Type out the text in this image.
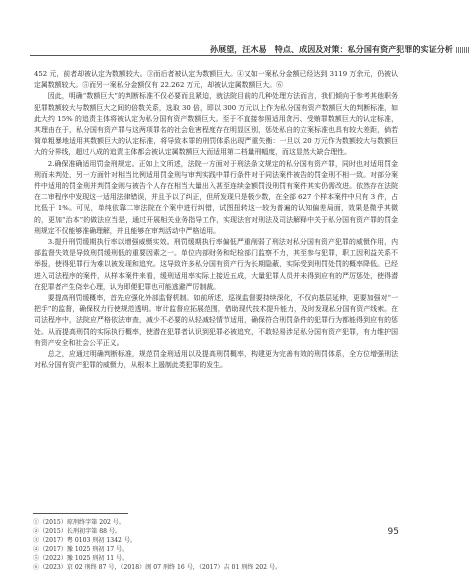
孙展望，汪木易　特点、成因及对策：私分国有资产犯罪的实证分析

452 元，前者却被认定为数额较大。③而后者被认定为数额巨大。④又如一案私分金额已经达到 3119 万余元，仍被认定属数额较大。⑤而另一案私分金额仅有 22.262 万元，却被认定属数额巨大。⑥

因此，明确“数额巨大”的判断标准不仅必要而且紧迫，就法院目前的几种处理方法而言，我们倾向于参考其他职务犯罪数额较大与数额巨大之间的倍数关系，选取 30 倍，即以 300 万元以上作为私分国有资产数额巨大的判断标准，如此大约 15% 的追责主体将被认定为私分国有资产数额巨大。至于不直接参照适用贪污、受贿罪数额巨大的认定标准，其理由在于，私分国有资产罪与这两项罪名的社会危害程度存在明显区别，惩处私自的立案标准也具有较大差距，倘若简单粗暴地适用其数额巨大的认定标准，将导致本罪的刑罚体系出现严重失衡：一旦以 20 万元作为数额较大与数额巨大的分界线，超过八成的追责主体都会被认定属数额巨大而适用第二档量刑幅度，而这显然大缺合理性。

2.确保准确适用罚金刑规定。正如上文所述，法院一方面对于刑法条文规定的私分国有资产罪，同时也对适用罚金刑而未判处，另一方面针对相当比例适用罚金刑与审判实践中罪行条件对于同法案件被告的罚金刑不相一致。对部分案件中适用的罚金刑并判罚金则与被告个人存在相当大量出入甚至连续金额罚没刑罚有案件其实仍需改进。依然存在法院在二审程序中发现这一适用法律错误，并且予以了纠正，但所发现只是极少数，在全部 627 个样本案件中只有 3 件，占比低于 1%。可见，单纯依靠二审法院在个案中进行纠错，试图扭转这一较为普遍的认知偏差局面，效果是微乎其微的，更加“治本”的做法应当是，通过开展相关业务指导工作，实现法官对刑法及司法解释中关于私分国有资产罪的罚金刑规定不仅能够准确理解，并且能够在审判活动中严格适用。

3.提升刑罚缓期执行率以增强威慑实效。刑罚缓期执行率偏低严重削弱了刑法对私分国有资产犯罪的威慑作用，内部监督失效是导致刑罚缓刑低的重要因素之一。单位内部财务和纪检部门监察不力，其至参与犯罪，职工因利益关系不举报，使得犯罪行为难以被发现和追究。这导致许多私分国有资产行为长期隐蔽，实际受到刑罚处罚的概率降低。已经进入司法程序的案件，从样本案件来看，缓刑适用率实际上接近五成，大量犯罪人员并未得到应有的严厉惩处，使得潜在犯罪者产生侥幸心理，认为即便犯罪也可能逃避严厉制裁。

要提高刑罚缓概率，首先应强化外部监督机制。如前所述，巡视监督要持续深化，不仅向基层延伸，更要加强对“一把手”的监督，确保权力行使规范透明。审计监督应拓展范围，借助现代技术提升能力，及时发现私分国有资产线索。在司法程序中，法院应严格依法审查，减少不必要的从轻减轻情节适用，确保符合刑罚条件的犯罪行为都能得到应有的惩处。从而提高刑罚的实际执行概率，使潜在犯罪者认识到犯罪必被追究，不敢轻易涉足私分国有资产犯罪，有力维护国有资产安全和社会公平正义。

总之，应通过明确判断标准，规范罚金刑适用以及提高刑罚概率，构建更为完善有效的刑罚体系，全方位增强刑法对私分国有资产犯罪的威慑力，从根本上遏制此类犯罪的发生。

①（2015）琼刑终字第 202 号。
②（2015）长刑初字第 88 号。
③（2017）粤 0103 刑初 1342 号。
④（2017）豫 1025 刑初 17 号。
⑤（2022）豫 1025 刑初 11 号。
⑥（2023）京 02 刑终 87 号，（2018）闽 07 刑终 16 号，（2017）吉 01 刑终 202 号。
95
